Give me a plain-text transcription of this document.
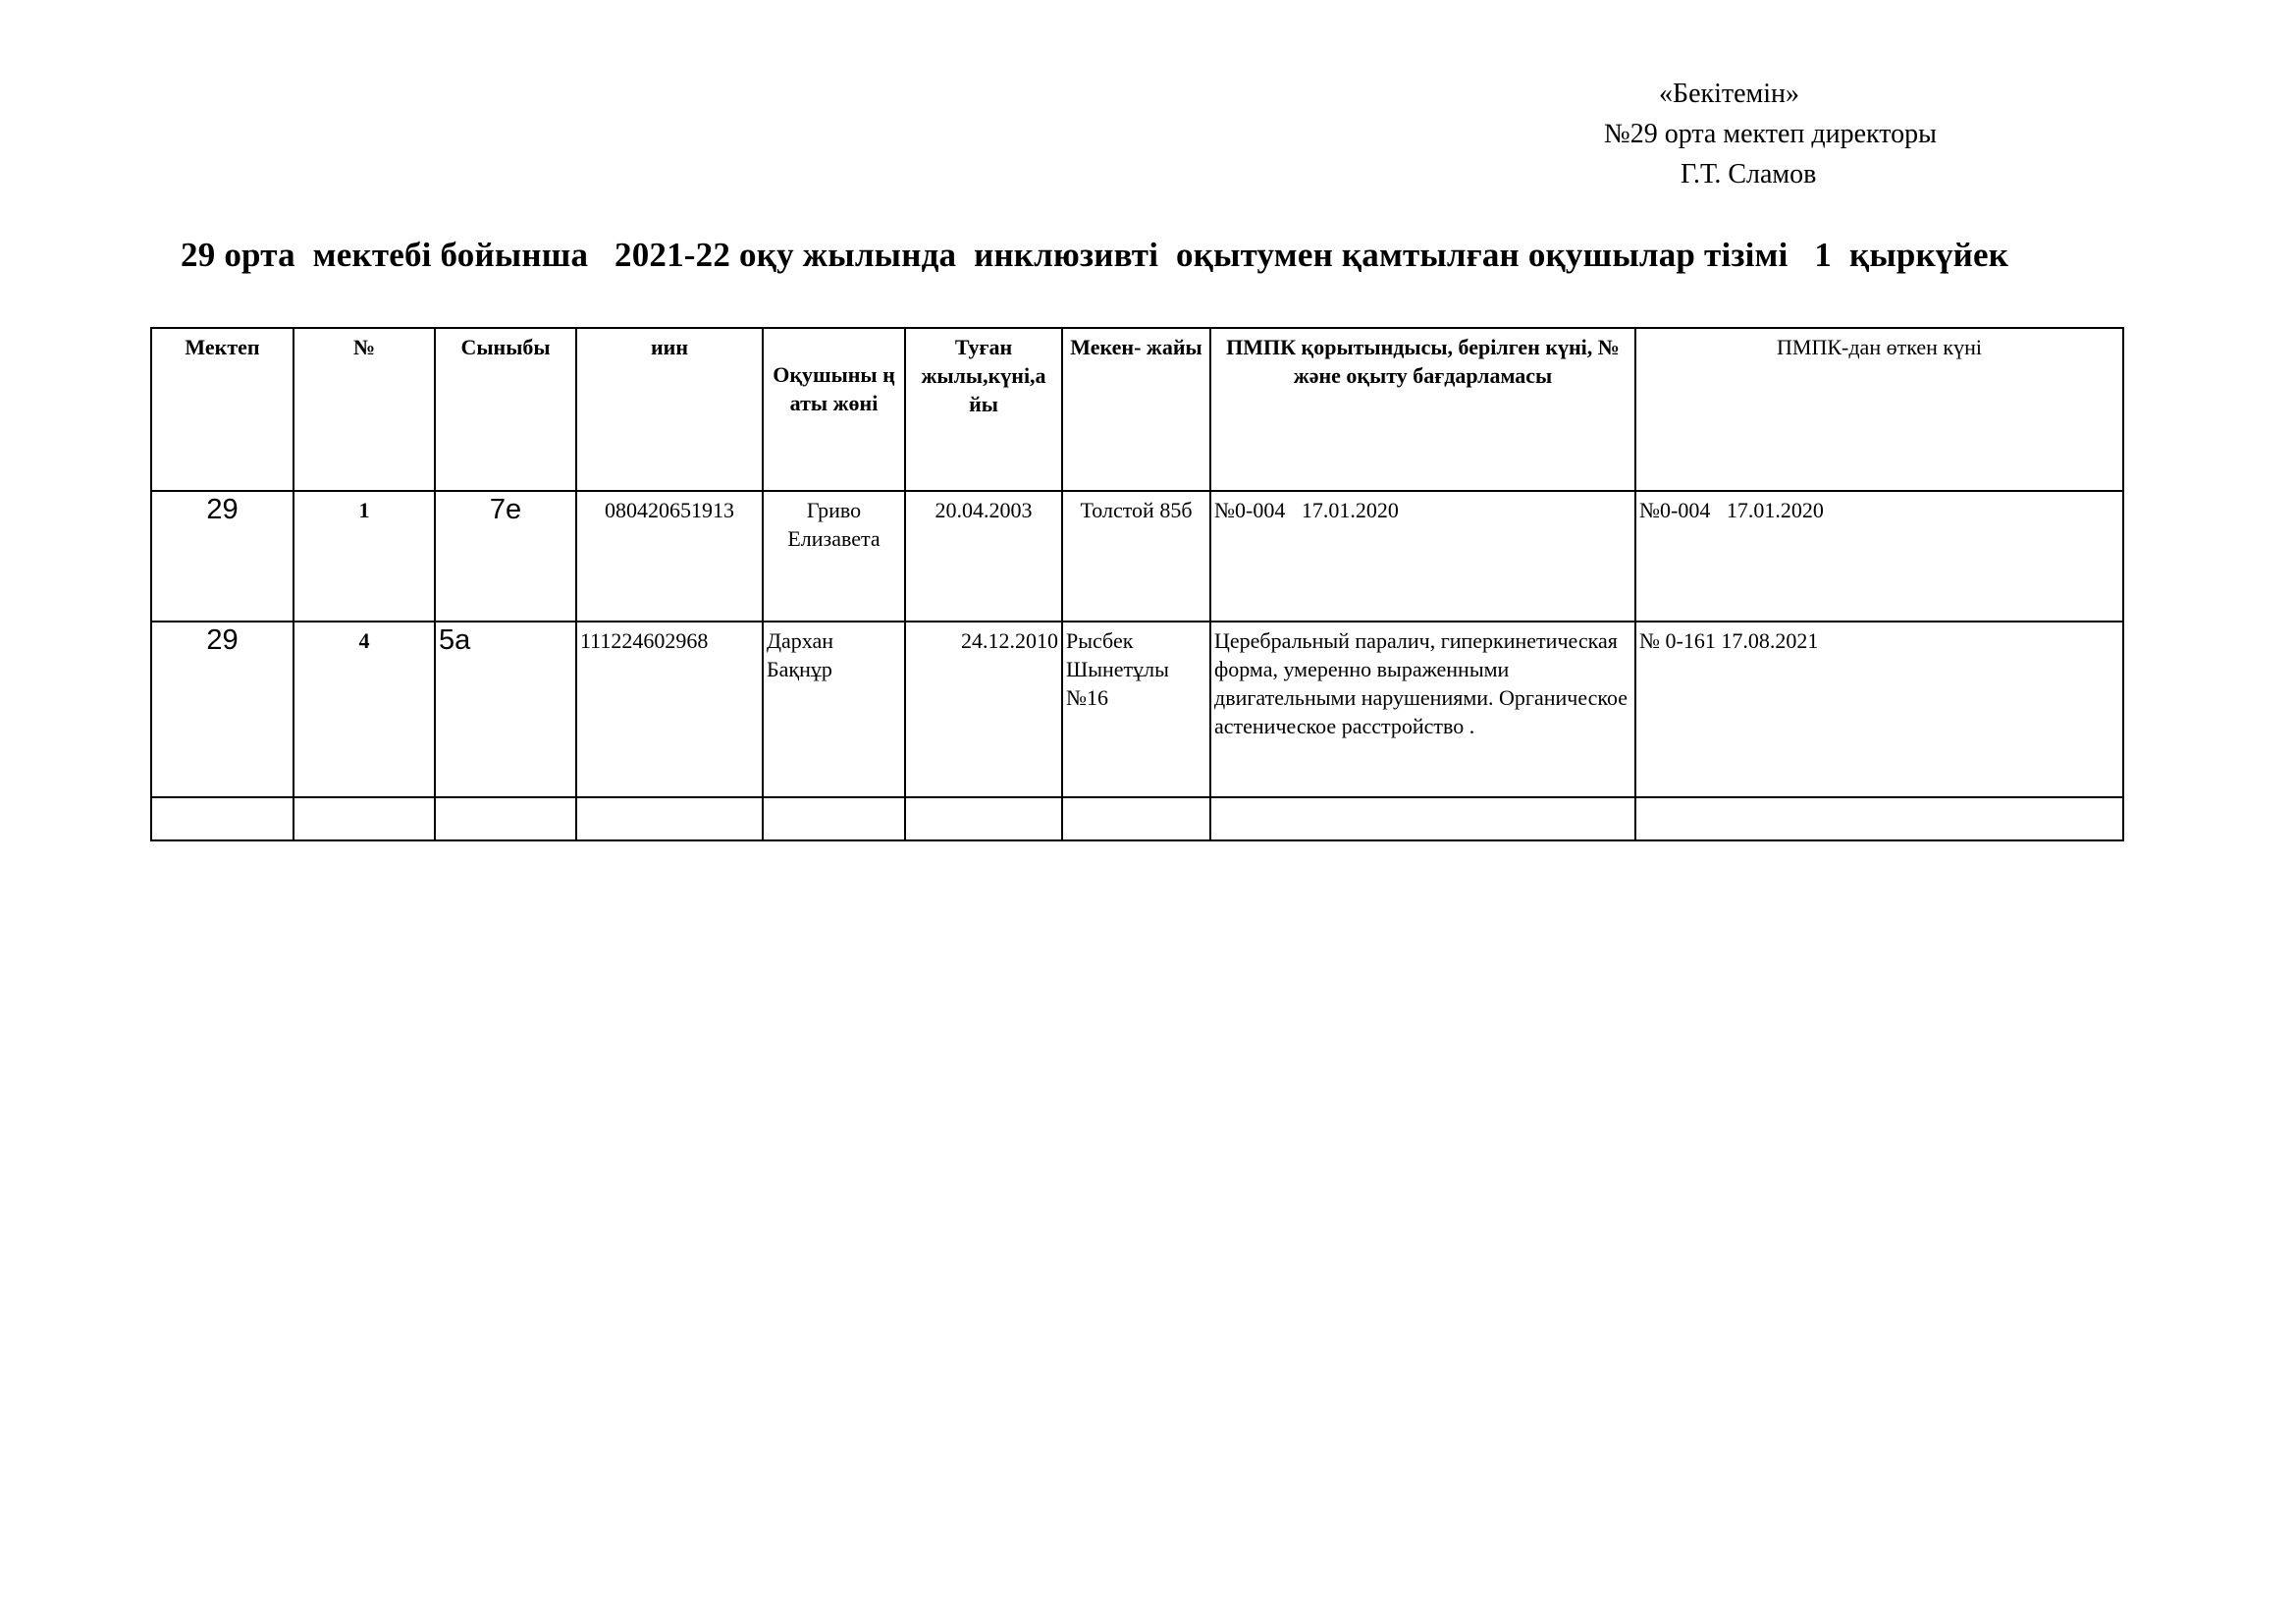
«Бекітемін»
№29 орта мектеп директоры
Г.Т. Сламов
29 орта  мектебі бойынша   2021-22 оқу жылында  инклюзивті  оқытумен қамтылған оқушылар тізімі   1  қыркүйек
Мектеп	№	Сыныбы	иин	Оқушыны ң аты жөні	Туған жылы,күні,а йы	Мекен- жайы	ПМПК қорытындысы, берілген күні, № және оқыту бағдарламасы	ПМПК-дан өткен күні

29	1	7е	080420651913	Гриво Елизавета	20.04.2003	Толстой 85б	№0-004   17.01.2020	№0-004   17.01.2020

29	4	5а	111224602968	Дархан Бақнұр	24.12.2010	Рысбек Шынетұлы №16	Церебральный паралич, гиперкинетическая форма, умеренно выраженными двигательными нарушениями. Органическое астеническое расстройство .	№ 0-161 17.08.2021
